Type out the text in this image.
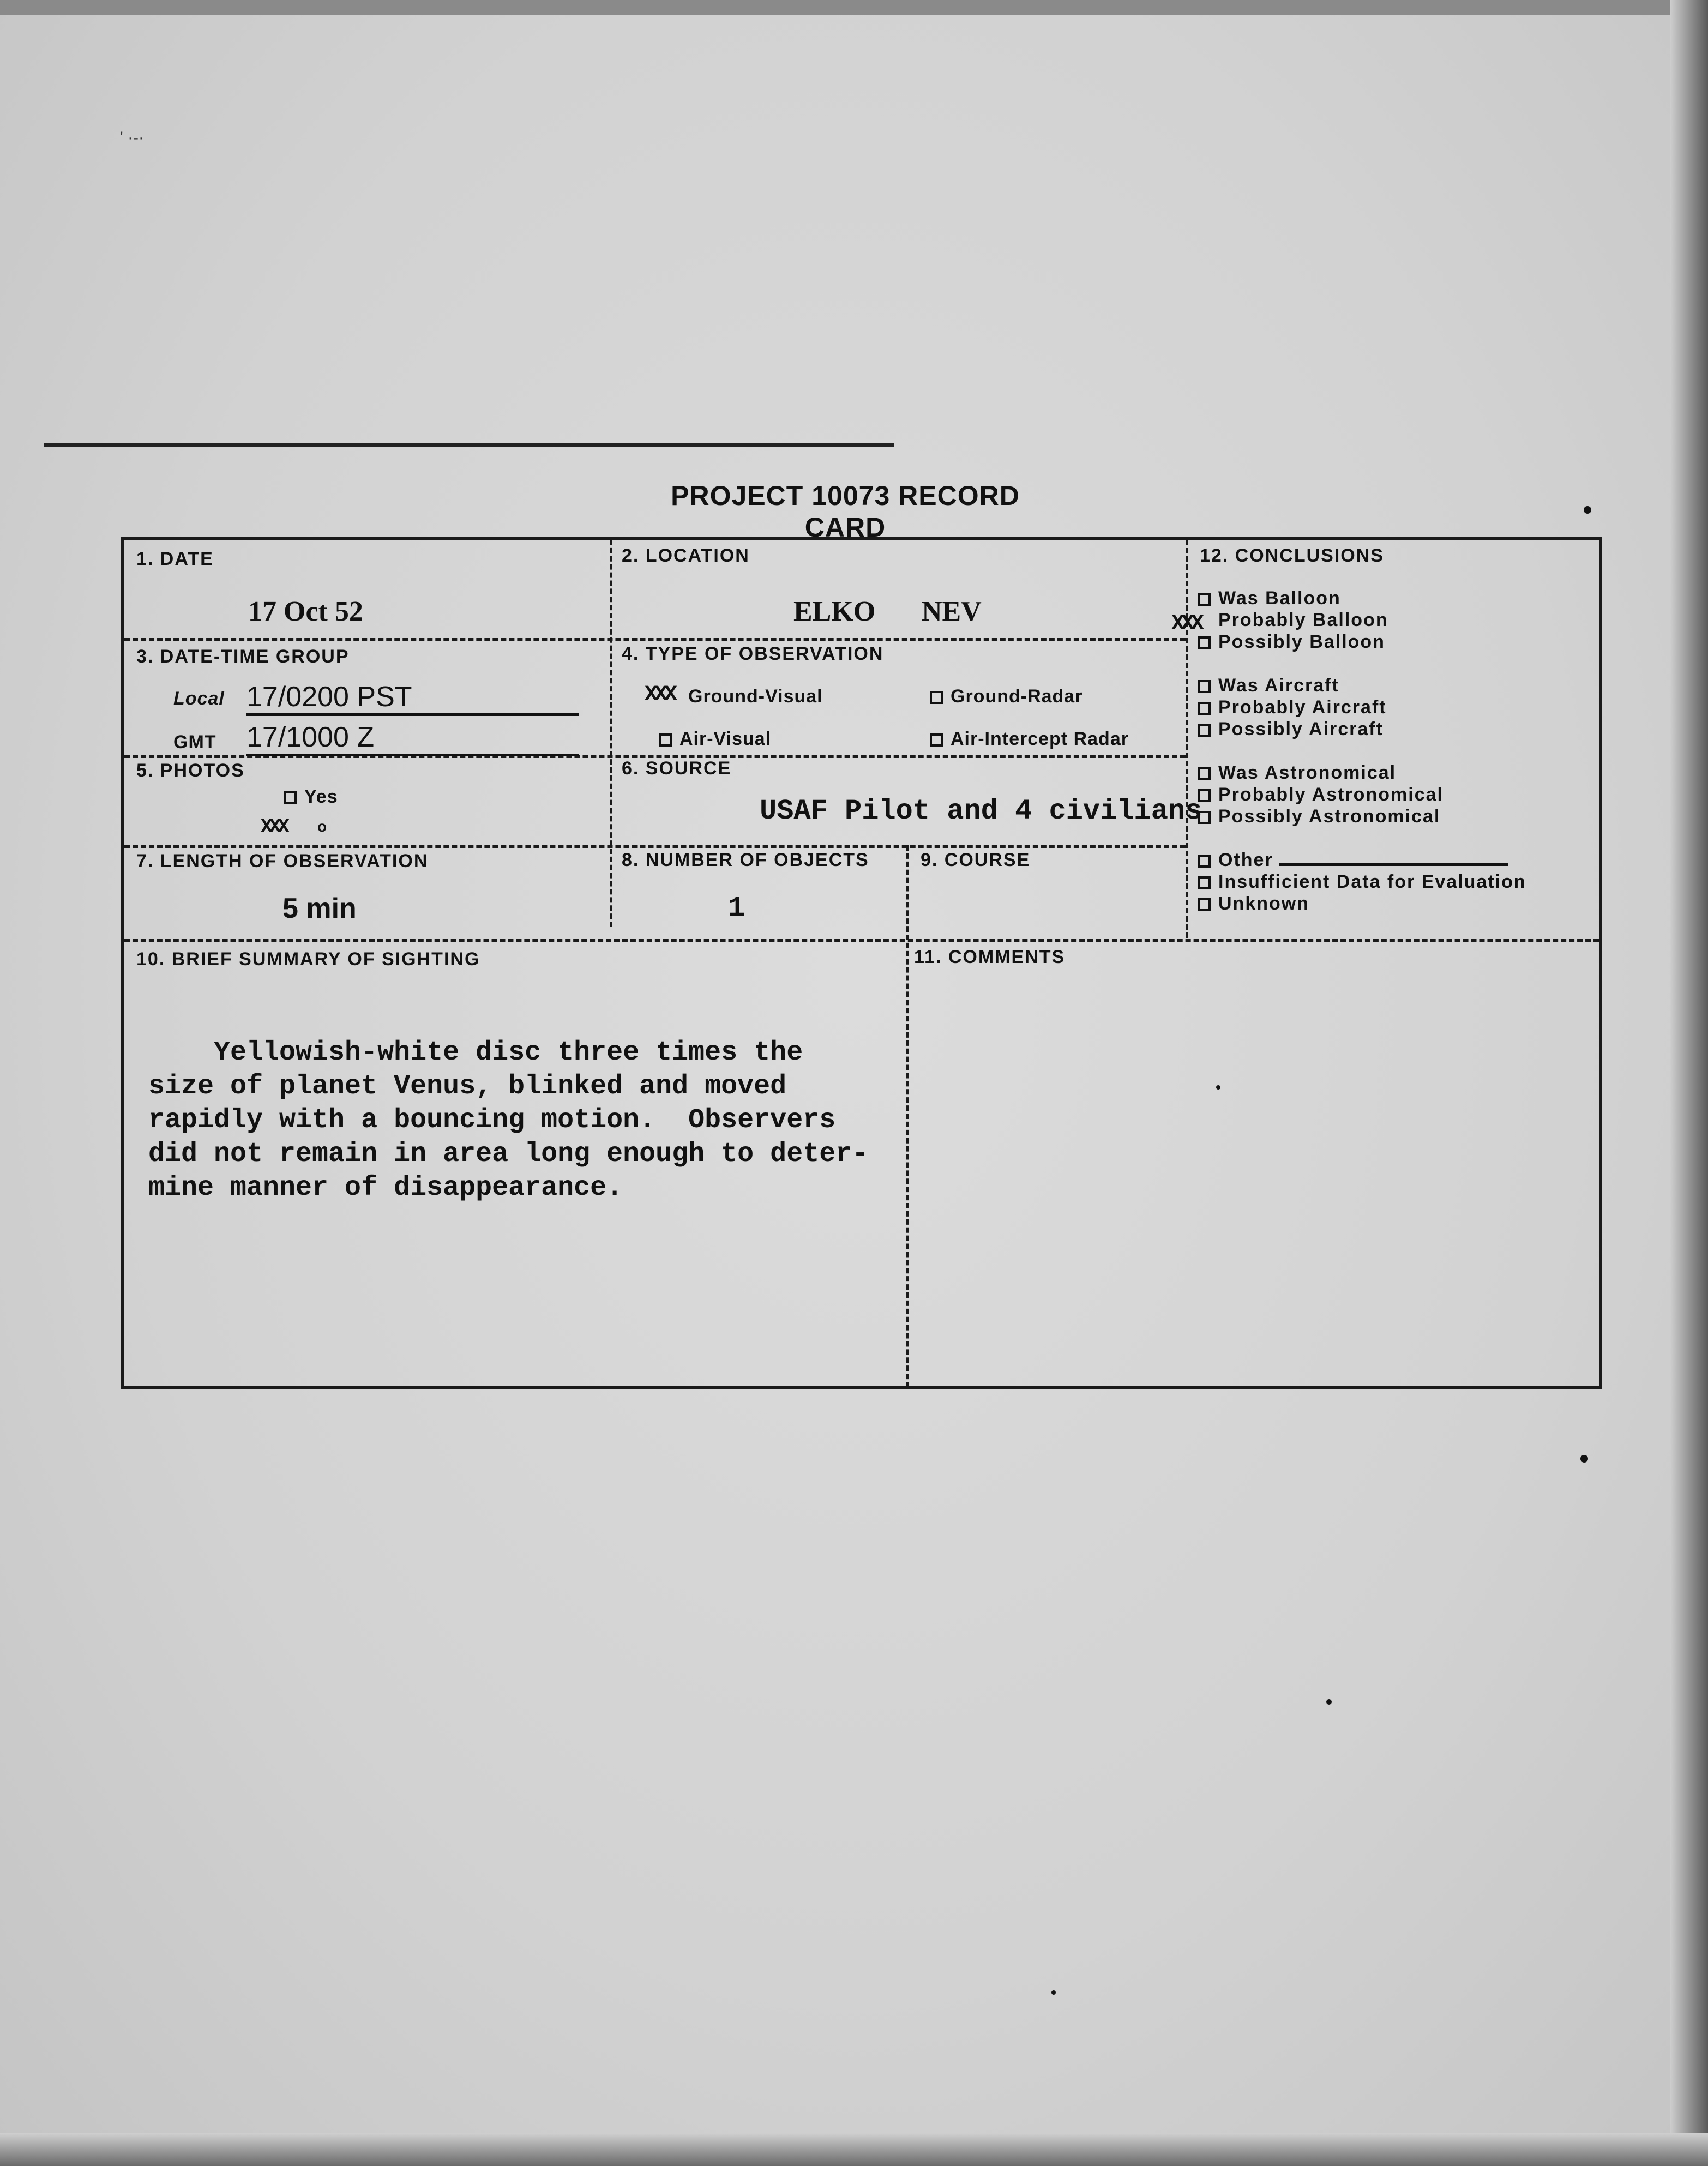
' ·-·
PROJECT 10073 RECORD CARD
1. DATE
17 Oct 52
2. LOCATION
ELKO NEV
3. DATE-TIME GROUP
Local 17/0200 PST
GMT 17/1000 Z
4. TYPE OF OBSERVATION
XXX Ground-Visual	Ground-Radar
Air-Visual	Air-Intercept Radar
5. PHOTOS
Yes
XXX o
6. SOURCE
USAF Pilot and 4 civilians
7. LENGTH OF OBSERVATION
5 min
8. NUMBER OF OBJECTS
1
9. COURSE
10. BRIEF SUMMARY OF SIGHTING
Yellowish-white disc three times the
size of planet Venus, blinked and moved
rapidly with a bouncing motion.  Observers
did not remain in area long enough to deter-
mine manner of disappearance.
11. COMMENTS
12. CONCLUSIONS
XXX
Was Balloon
Probably Balloon
Possibly Balloon
Was Aircraft
Probably Aircraft
Possibly Aircraft
Was Astronomical
Probably Astronomical
Possibly Astronomical
Other
Insufficient Data for Evaluation
Unknown
